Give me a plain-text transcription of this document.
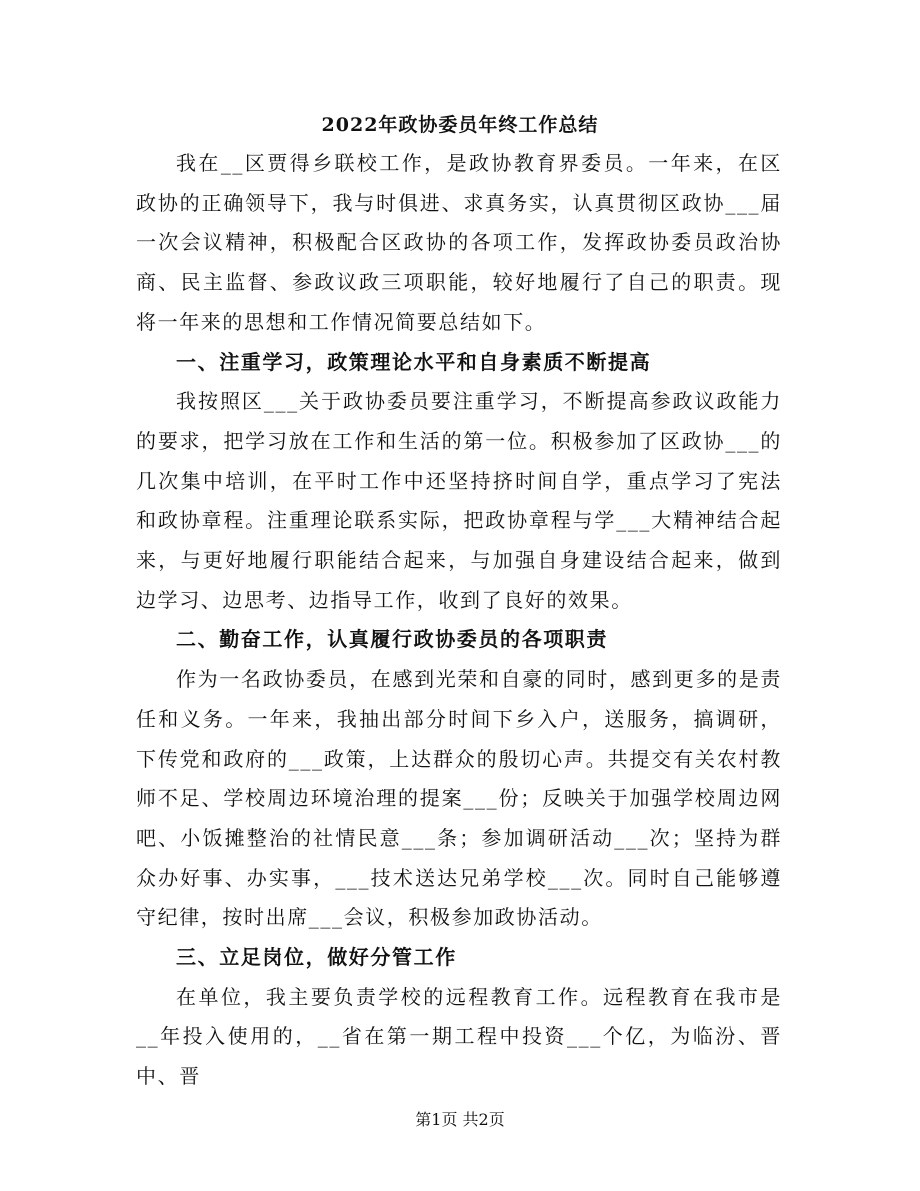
2022年政协委员年终工作总结

我在__区贾得乡联校工作，是政协教育界委员。一年来，在区政协的正确领导下，我与时俱进、求真务实，认真贯彻区政协___届一次会议精神，积极配合区政协的各项工作，发挥政协委员政治协商、民主监督、参政议政三项职能，较好地履行了自己的职责。现将一年来的思想和工作情况简要总结如下。

一、注重学习，政策理论水平和自身素质不断提高

我按照区___关于政协委员要注重学习，不断提高参政议政能力的要求，把学习放在工作和生活的第一位。积极参加了区政协___的几次集中培训，在平时工作中还坚持挤时间自学，重点学习了宪法和政协章程。注重理论联系实际，把政协章程与学___大精神结合起来，与更好地履行职能结合起来，与加强自身建设结合起来，做到边学习、边思考、边指导工作，收到了良好的效果。

二、勤奋工作，认真履行政协委员的各项职责

作为一名政协委员，在感到光荣和自豪的同时，感到更多的是责任和义务。一年来，我抽出部分时间下乡入户，送服务，搞调研，下传党和政府的___政策，上达群众的殷切心声。共提交有关农村教师不足、学校周边环境治理的提案___份；反映关于加强学校周边网吧、小饭摊整治的社情民意___条；参加调研活动___次；坚持为群众办好事、办实事，___技术送达兄弟学校___次。同时自己能够遵守纪律，按时出席___会议，积极参加政协活动。

三、立足岗位，做好分管工作

在单位，我主要负责学校的远程教育工作。远程教育在我市是__年投入使用的，__省在第一期工程中投资___个亿，为临汾、晋中、晋

第1页 共2页
